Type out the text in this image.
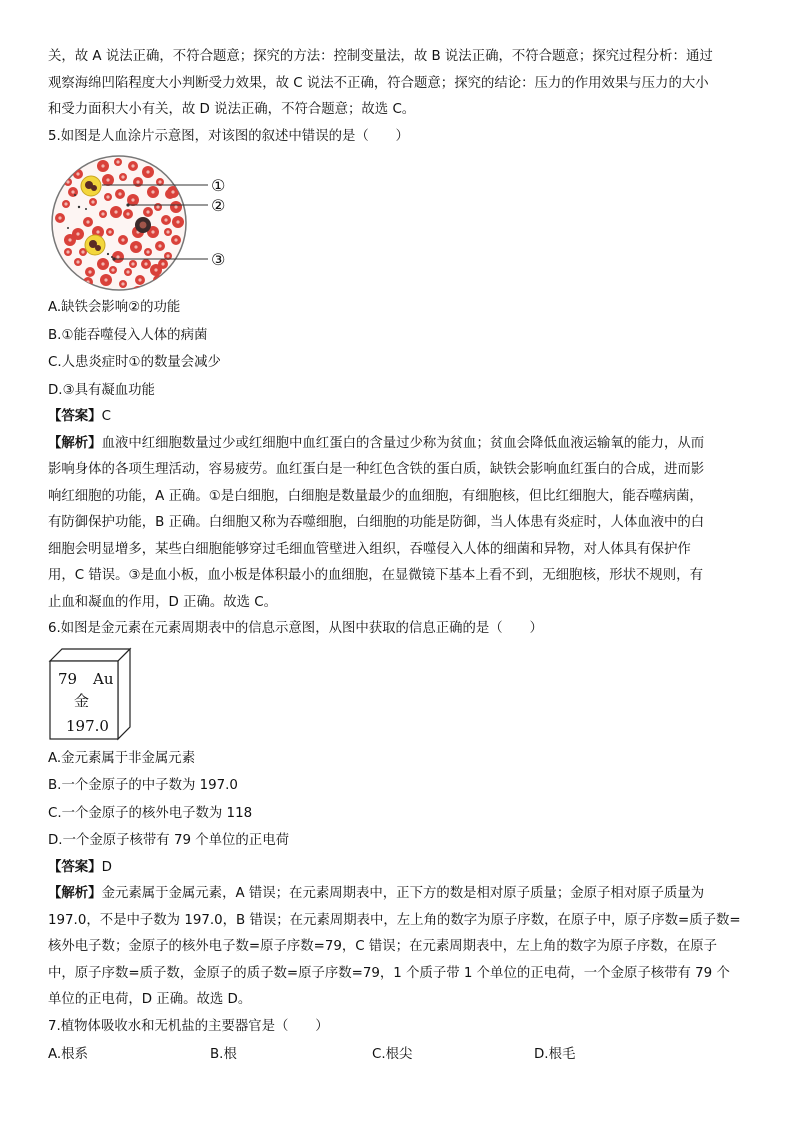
关，故 A 说法正确，不符合题意；探究的方法：控制变量法，故 B 说法正确，不符合题意；探究过程分析：通过

观察海绵凹陷程度大小判断受力效果，故 C 说法不正确，符合题意；探究的结论：压力的作用效果与压力的大小

和受力面积大小有关，故 D 说法正确，不符合题意；故选 C。

5.如图是人血涂片示意图，对该图的叙述中错误的是（　　）

①
②
③

A.缺铁会影响②的功能

B.①能吞噬侵入人体的病菌

C.人患炎症时①的数量会减少

D.③具有凝血功能

【答案】C

【解析】血液中红细胞数量过少或红细胞中血红蛋白的含量过少称为贫血；贫血会降低血液运输氧的能力，从而

影响身体的各项生理活动，容易疲劳。血红蛋白是一种红色含铁的蛋白质，缺铁会影响血红蛋白的合成，进而影

响红细胞的功能，A 正确。①是白细胞，白细胞是数量最少的血细胞，有细胞核，但比红细胞大，能吞噬病菌，

有防御保护功能，B 正确。白细胞又称为吞噬细胞，白细胞的功能是防御，当人体患有炎症时，人体血液中的白

细胞会明显增多，某些白细胞能够穿过毛细血管壁进入组织，吞噬侵入人体的细菌和异物，对人体具有保护作

用，C 错误。③是血小板，血小板是体积最小的血细胞，在显微镜下基本上看不到，无细胞核，形状不规则，有

止血和凝血的作用，D 正确。故选 C。

6.如图是金元素在元素周期表中的信息示意图，从图中获取的信息正确的是（　　）

79 Au
金
197.0

A.金元素属于非金属元素

B.一个金原子的中子数为 197.0

C.一个金原子的核外电子数为 118

D.一个金原子核带有 79 个单位的正电荷

【答案】D

【解析】金元素属于金属元素，A 错误；在元素周期表中，正下方的数是相对原子质量；金原子相对原子质量为

197.0，不是中子数为 197.0，B 错误；在元素周期表中，左上角的数字为原子序数，在原子中，原子序数=质子数=

核外电子数；金原子的核外电子数=原子序数=79，C 错误；在元素周期表中，左上角的数字为原子序数，在原子

中，原子序数=质子数，金原子的质子数=原子序数=79，1 个质子带 1 个单位的正电荷，一个金原子核带有 79 个

单位的正电荷，D 正确。故选 D。

7.植物体吸收水和无机盐的主要器官是（　　）

A.根系	B.根	C.根尖	D.根毛
